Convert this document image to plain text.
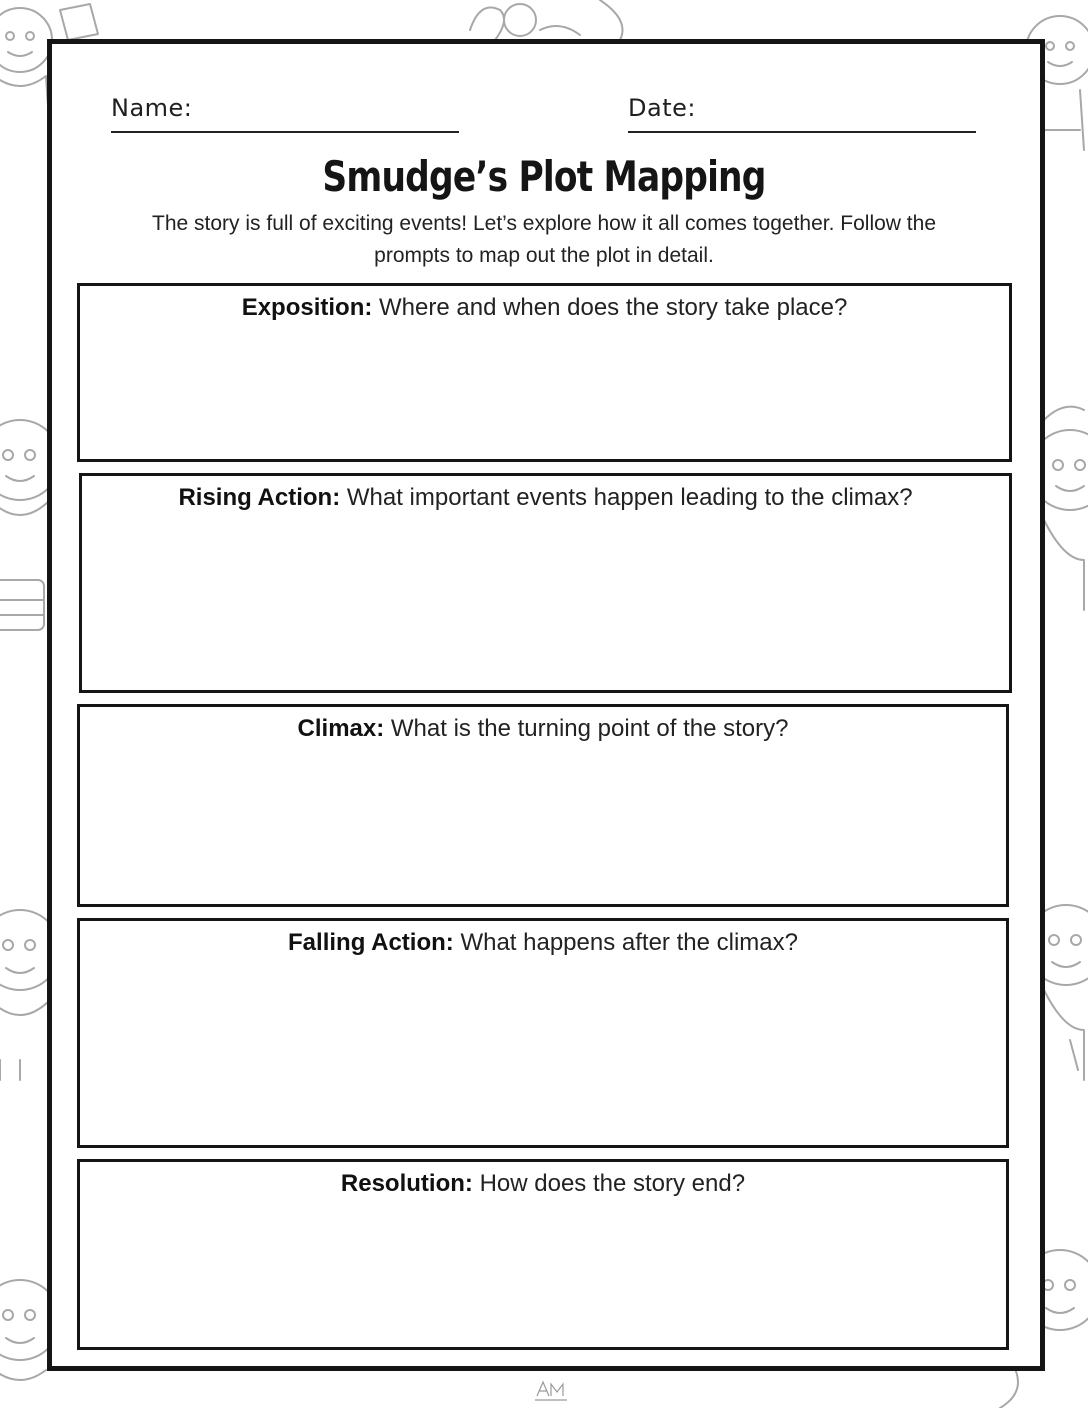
Name:	Date:
Smudge’s Plot Mapping
The story is full of exciting events! Let’s explore how it all comes together. Follow the
prompts to map out the plot in detail.
Exposition: Where and when does the story take place?
Rising Action: What important events happen leading to the climax?
Climax: What is the turning point of the story?
Falling Action: What happens after the climax?
Resolution: How does the story end?
